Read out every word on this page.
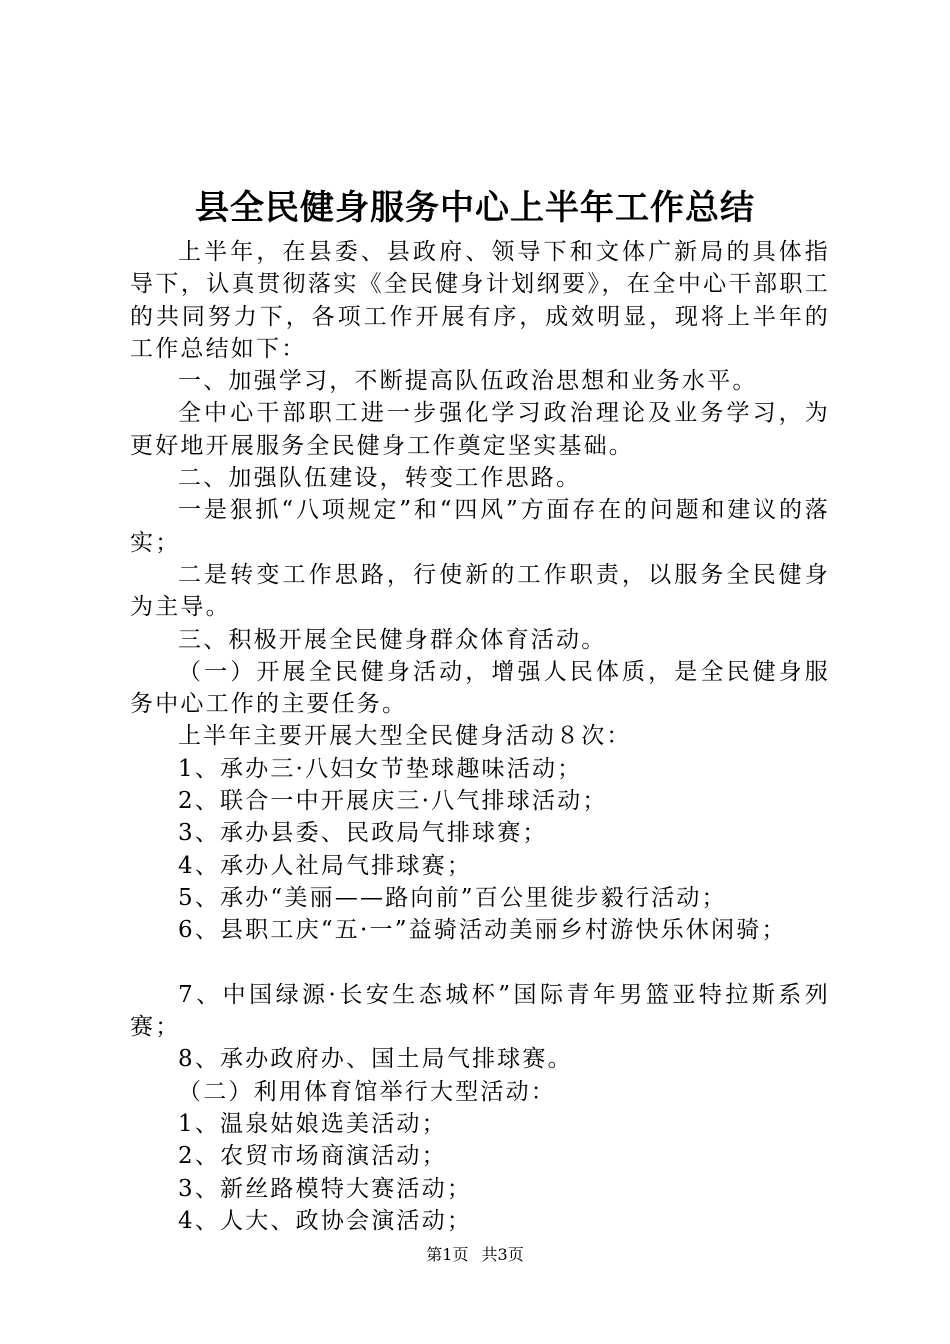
县全民健身服务中心上半年工作总结

上半年，在县委、县政府、领导下和文体广新局的具体指导下，认真贯彻落实《全民健身计划纲要》，在全中心干部职工的共同努力下，各项工作开展有序，成效明显，现将上半年的工作总结如下：

一、加强学习，不断提高队伍政治思想和业务水平。

全中心干部职工进一步强化学习政治理论及业务学习，为更好地开展服务全民健身工作奠定坚实基础。

二、加强队伍建设，转变工作思路。

一是狠抓“八项规定”和“四风”方面存在的问题和建议的落实；

二是转变工作思路，行使新的工作职责，以服务全民健身为主导。

三、积极开展全民健身群众体育活动。

（一）开展全民健身活动，增强人民体质，是全民健身服务中心工作的主要任务。

上半年主要开展大型全民健身活动８次：

1、承办三·八妇女节垫球趣味活动；

2、联合一中开展庆三·八气排球活动；

3、承办县委、民政局气排球赛；

4、承办人社局气排球赛；

5、承办“美丽——路向前”百公里徙步毅行活动；

6、县职工庆“五·一”益骑活动美丽乡村游快乐休闲骑；

7、中国绿源·长安生态城杯”国际青年男篮亚特拉斯系列赛；

8、承办政府办、国土局气排球赛。

（二）利用体育馆举行大型活动：

1、温泉姑娘选美活动；

2、农贸市场商演活动；

3、新丝路模特大赛活动；

4、人大、政协会演活动；

第1页 共3页
